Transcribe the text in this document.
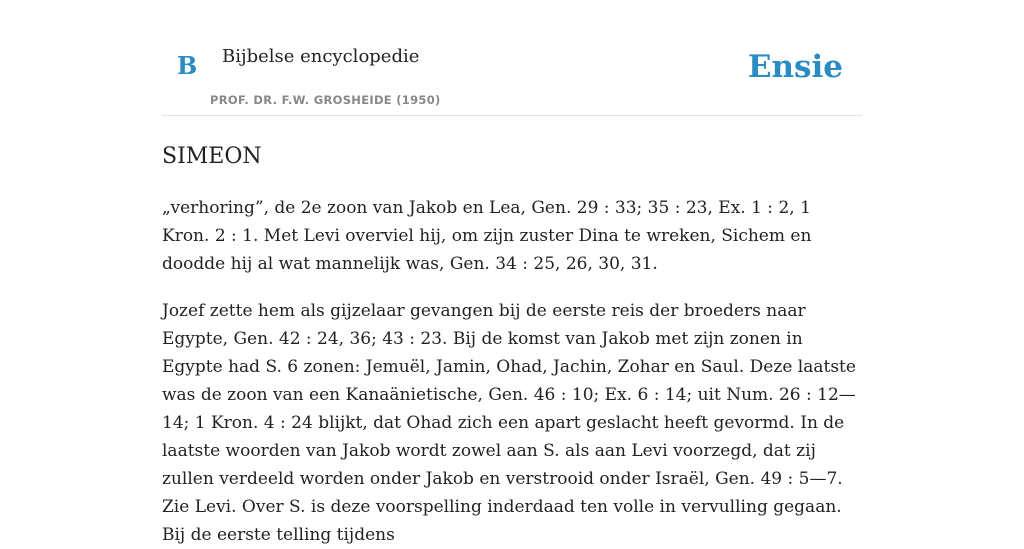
B Bijbelse encyclopedie
PROF. DR. F.W. GROSHEIDE (1950)
Ensie
SIMEON

„verhoring”, de 2e zoon van Jakob en Lea, Gen. 29 : 33; 35 : 23, Ex. 1 : 2, 1 Kron. 2 : 1. Met Levi overviel hij, om zijn zuster Dina te wreken, Sichem en doodde hij al wat mannelijk was, Gen. 34 : 25, 26, 30, 31.

Jozef zette hem als gijzelaar gevangen bij de eerste reis der broeders naar Egypte, Gen. 42 : 24, 36; 43 : 23. Bij de komst van Jakob met zijn zonen in Egypte had S. 6 zonen: Jemuël, Jamin, Ohad, Jachin, Zohar en Saul. Deze laatste was de zoon van een Kanaänietische, Gen. 46 : 10; Ex. 6 : 14; uit Num. 26 : 12—14; 1 Kron. 4 : 24 blijkt, dat Ohad zich een apart geslacht heeft gevormd. In de laatste woorden van Jakob wordt zowel aan S. als aan Levi voorzegd, dat zij zullen verdeeld worden onder Jakob en verstrooid onder Israël, Gen. 49 : 5—7. Zie Levi. Over S. is deze voorspelling inderdaad ten volle in vervulling gegaan. Bij de eerste telling tijdens
